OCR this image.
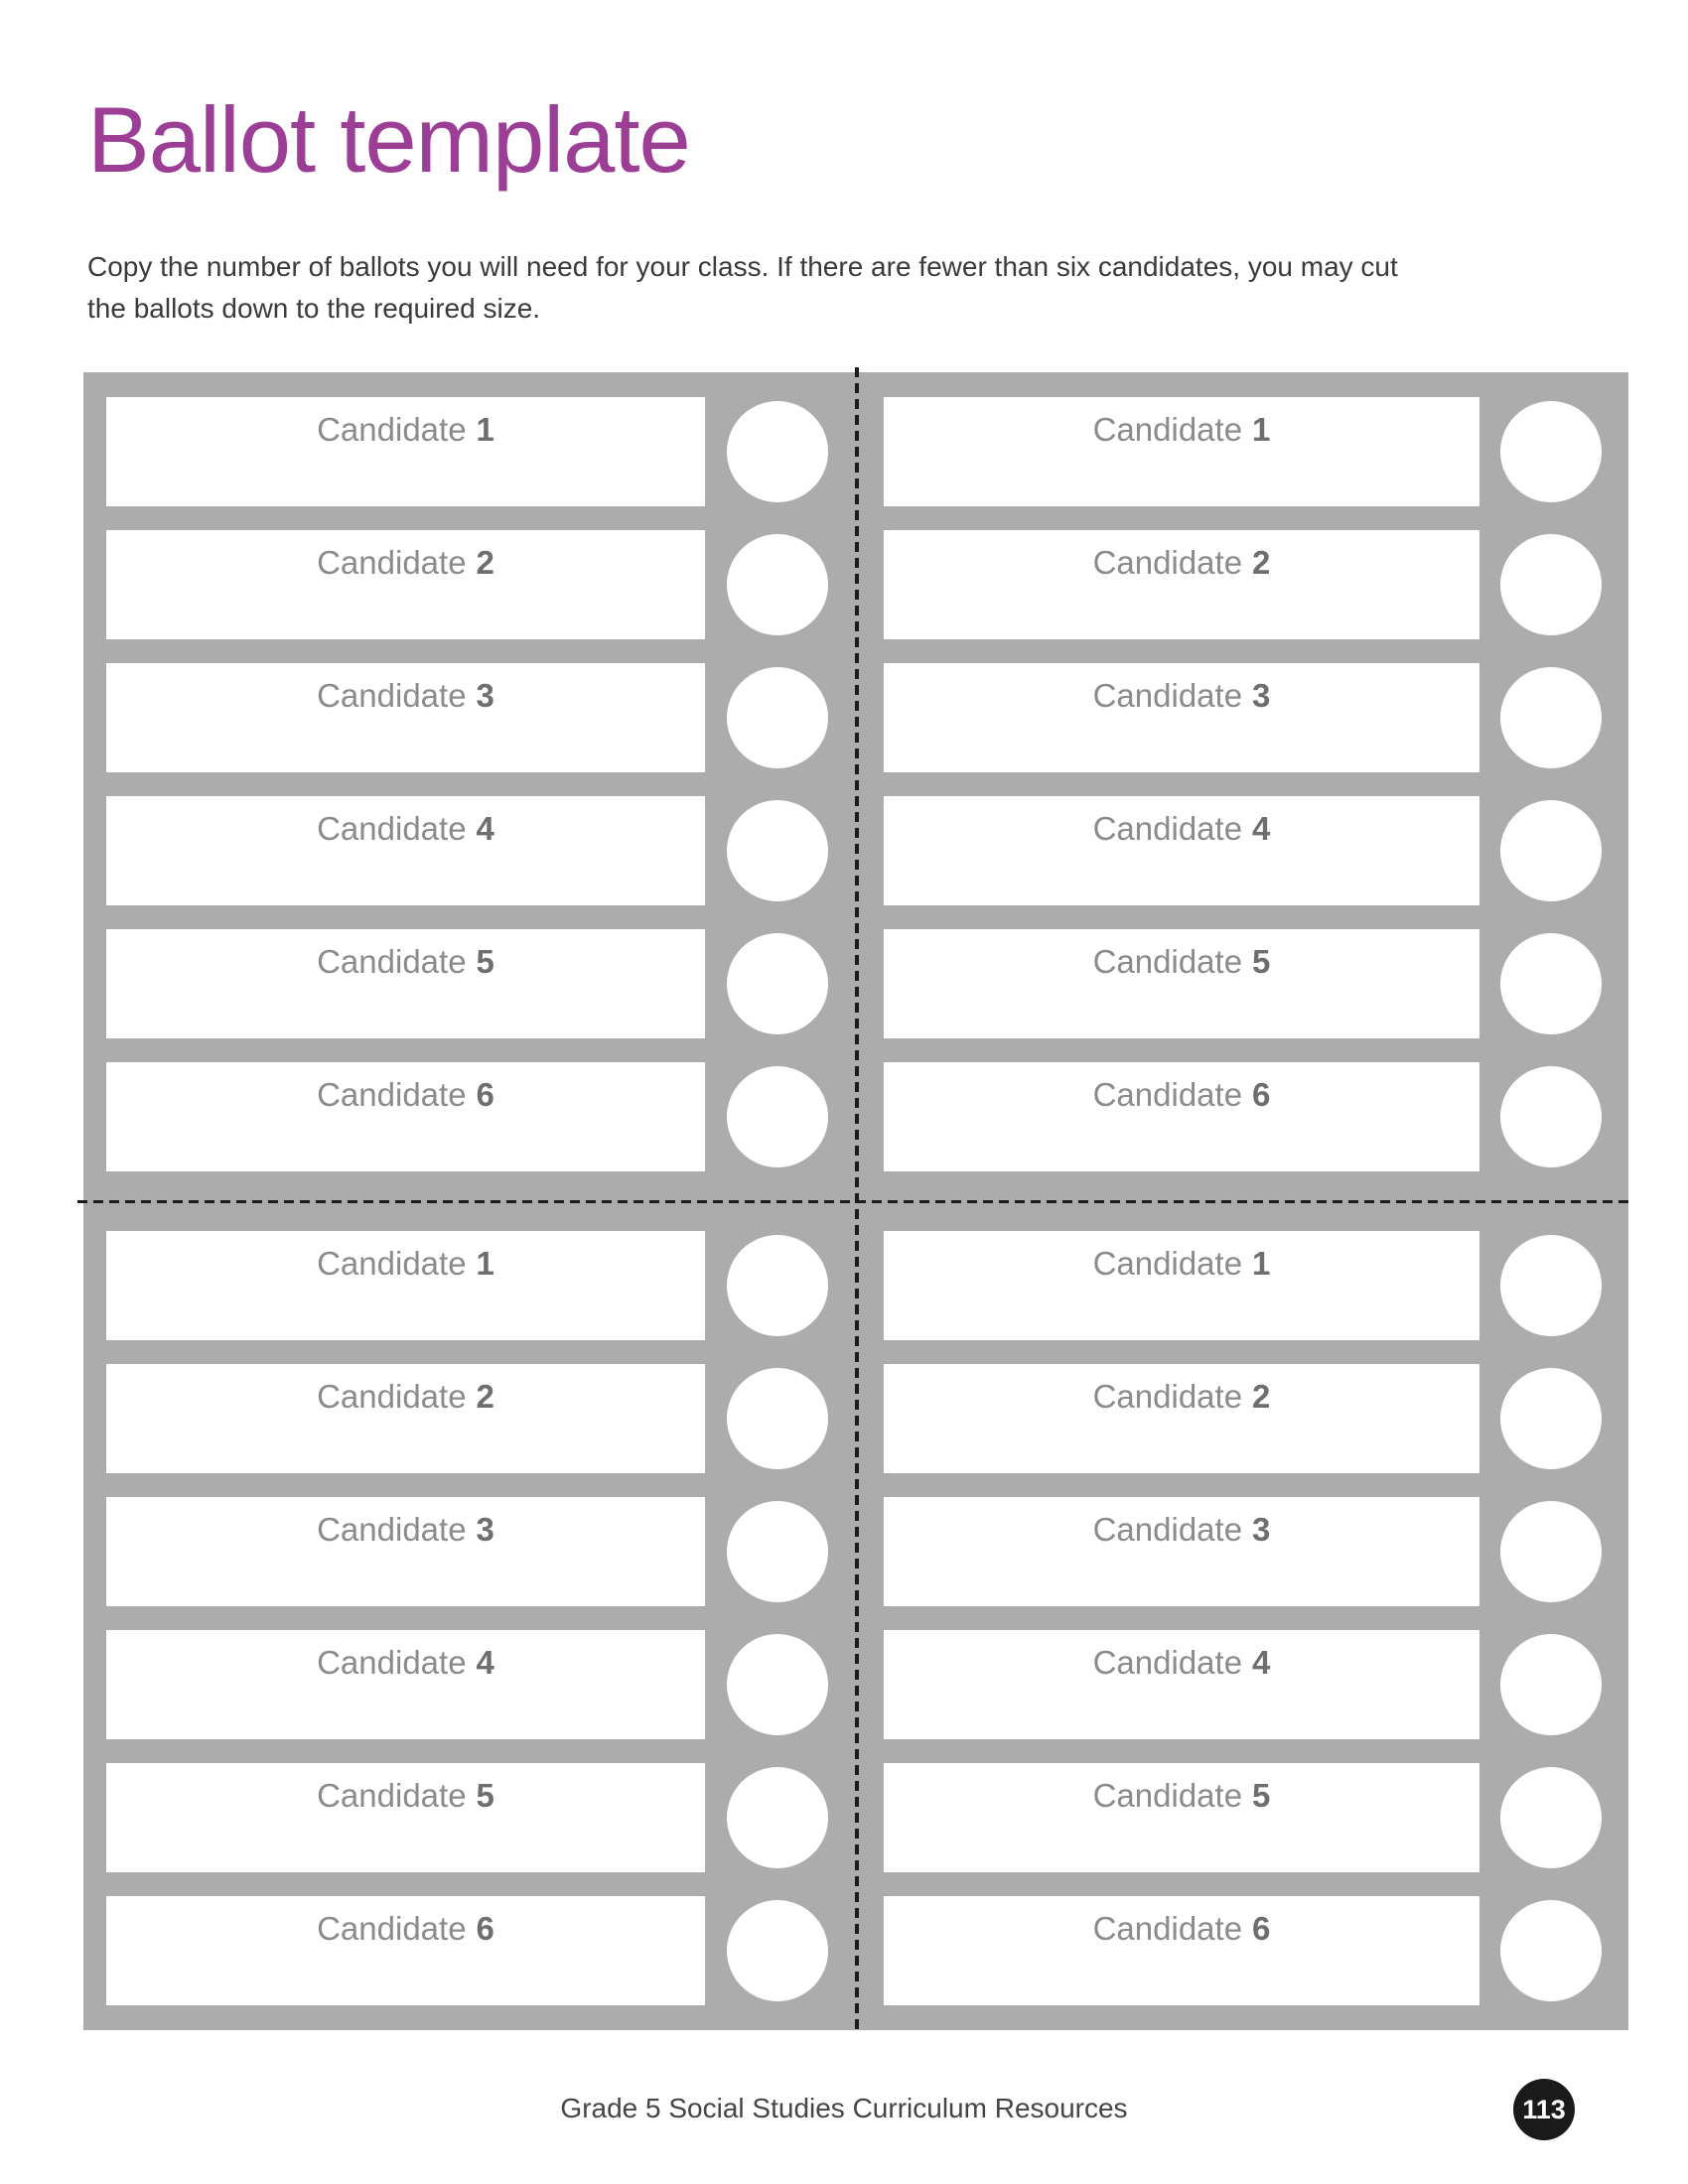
Ballot template
Copy the number of ballots you will need for your class. If there are fewer than six candidates, you may cut
the ballots down to the required size.
Candidate 1
Candidate 2
Candidate 3
Candidate 4
Candidate 5
Candidate 6
Candidate 1
Candidate 2
Candidate 3
Candidate 4
Candidate 5
Candidate 6
Candidate 1
Candidate 2
Candidate 3
Candidate 4
Candidate 5
Candidate 6
Candidate 1
Candidate 2
Candidate 3
Candidate 4
Candidate 5
Candidate 6
Grade 5 Social Studies Curriculum Resources	113
